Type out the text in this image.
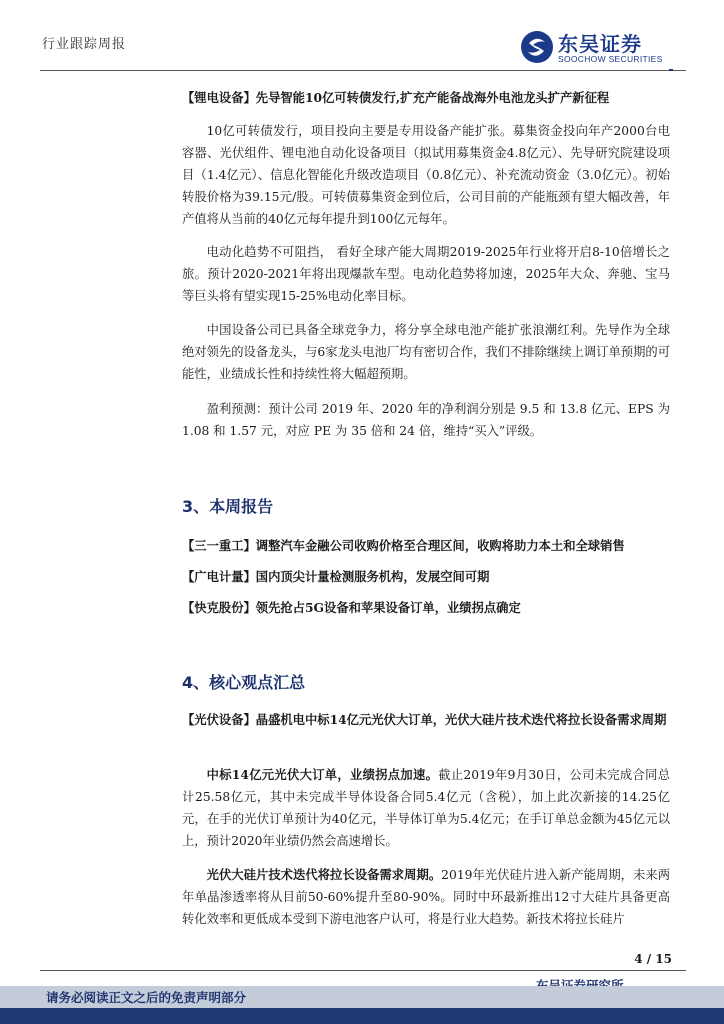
行业跟踪周报	东吴证券
SOOCHOW SECURITIES
【锂电设备】先导智能10亿可转债发行,扩充产能备战海外电池龙头扩产新征程
10亿可转债发行，项目投向主要是专用设备产能扩张。募集资金投向年产2000台电容器、光伏组件、锂电池自动化设备项目（拟试用募集资金4.8亿元）、先导研究院建设项目（1.4亿元）、信息化智能化升级改造项目（0.8亿元）、补充流动资金（3.0亿元）。初始转股价格为39.15元/股。可转债募集资金到位后，公司目前的产能瓶颈有望大幅改善，年产值将从当前的40亿元每年提升到100亿元每年。
电动化趋势不可阻挡， 看好全球产能大周期2019-2025年行业将开启8-10倍增长之旅。预计2020-2021年将出现爆款车型。电动化趋势将加速，2025年大众、奔驰、宝马等巨头将有望实现15-25%电动化率目标。
中国设备公司已具备全球竞争力，将分享全球电池产能扩张浪潮红利。先导作为全球绝对领先的设备龙头，与6家龙头电池厂均有密切合作，我们不排除继续上调订单预期的可能性，业绩成长性和持续性将大幅超预期。
盈利预测：预计公司 2019 年、2020 年的净利润分别是 9.5 和 13.8 亿元、EPS 为 1.08 和 1.57 元，对应 PE 为 35 倍和 24 倍，维持“买入”评级。
3、本周报告
【三一重工】调整汽车金融公司收购价格至合理区间，收购将助力本土和全球销售
【广电计量】国内顶尖计量检测服务机构，发展空间可期
【快克股份】领先抢占5G设备和苹果设备订单，业绩拐点确定
4、核心观点汇总
【光伏设备】晶盛机电中标14亿元光伏大订单，光伏大硅片技术迭代将拉长设备需求周期
中标14亿元光伏大订单，业绩拐点加速。截止2019年9月30日，公司未完成合同总计25.58亿元，其中未完成半导体设备合同5.4亿元（含税），加上此次新接的14.25亿元，在手的光伏订单预计为40亿元，半导体订单为5.4亿元；在手订单总金额为45亿元以上，预计2020年业绩仍然会高速增长。
光伏大硅片技术迭代将拉长设备需求周期。2019年光伏硅片进入新产能周期，未来两年单晶渗透率将从目前50-60%提升至80-90%。同时中环最新推出12寸大硅片具备更高转化效率和更低成本受到下游电池客户认可，将是行业大趋势。新技术将拉长硅片
4 / 15
请务必阅读正文之后的免责声明部分
